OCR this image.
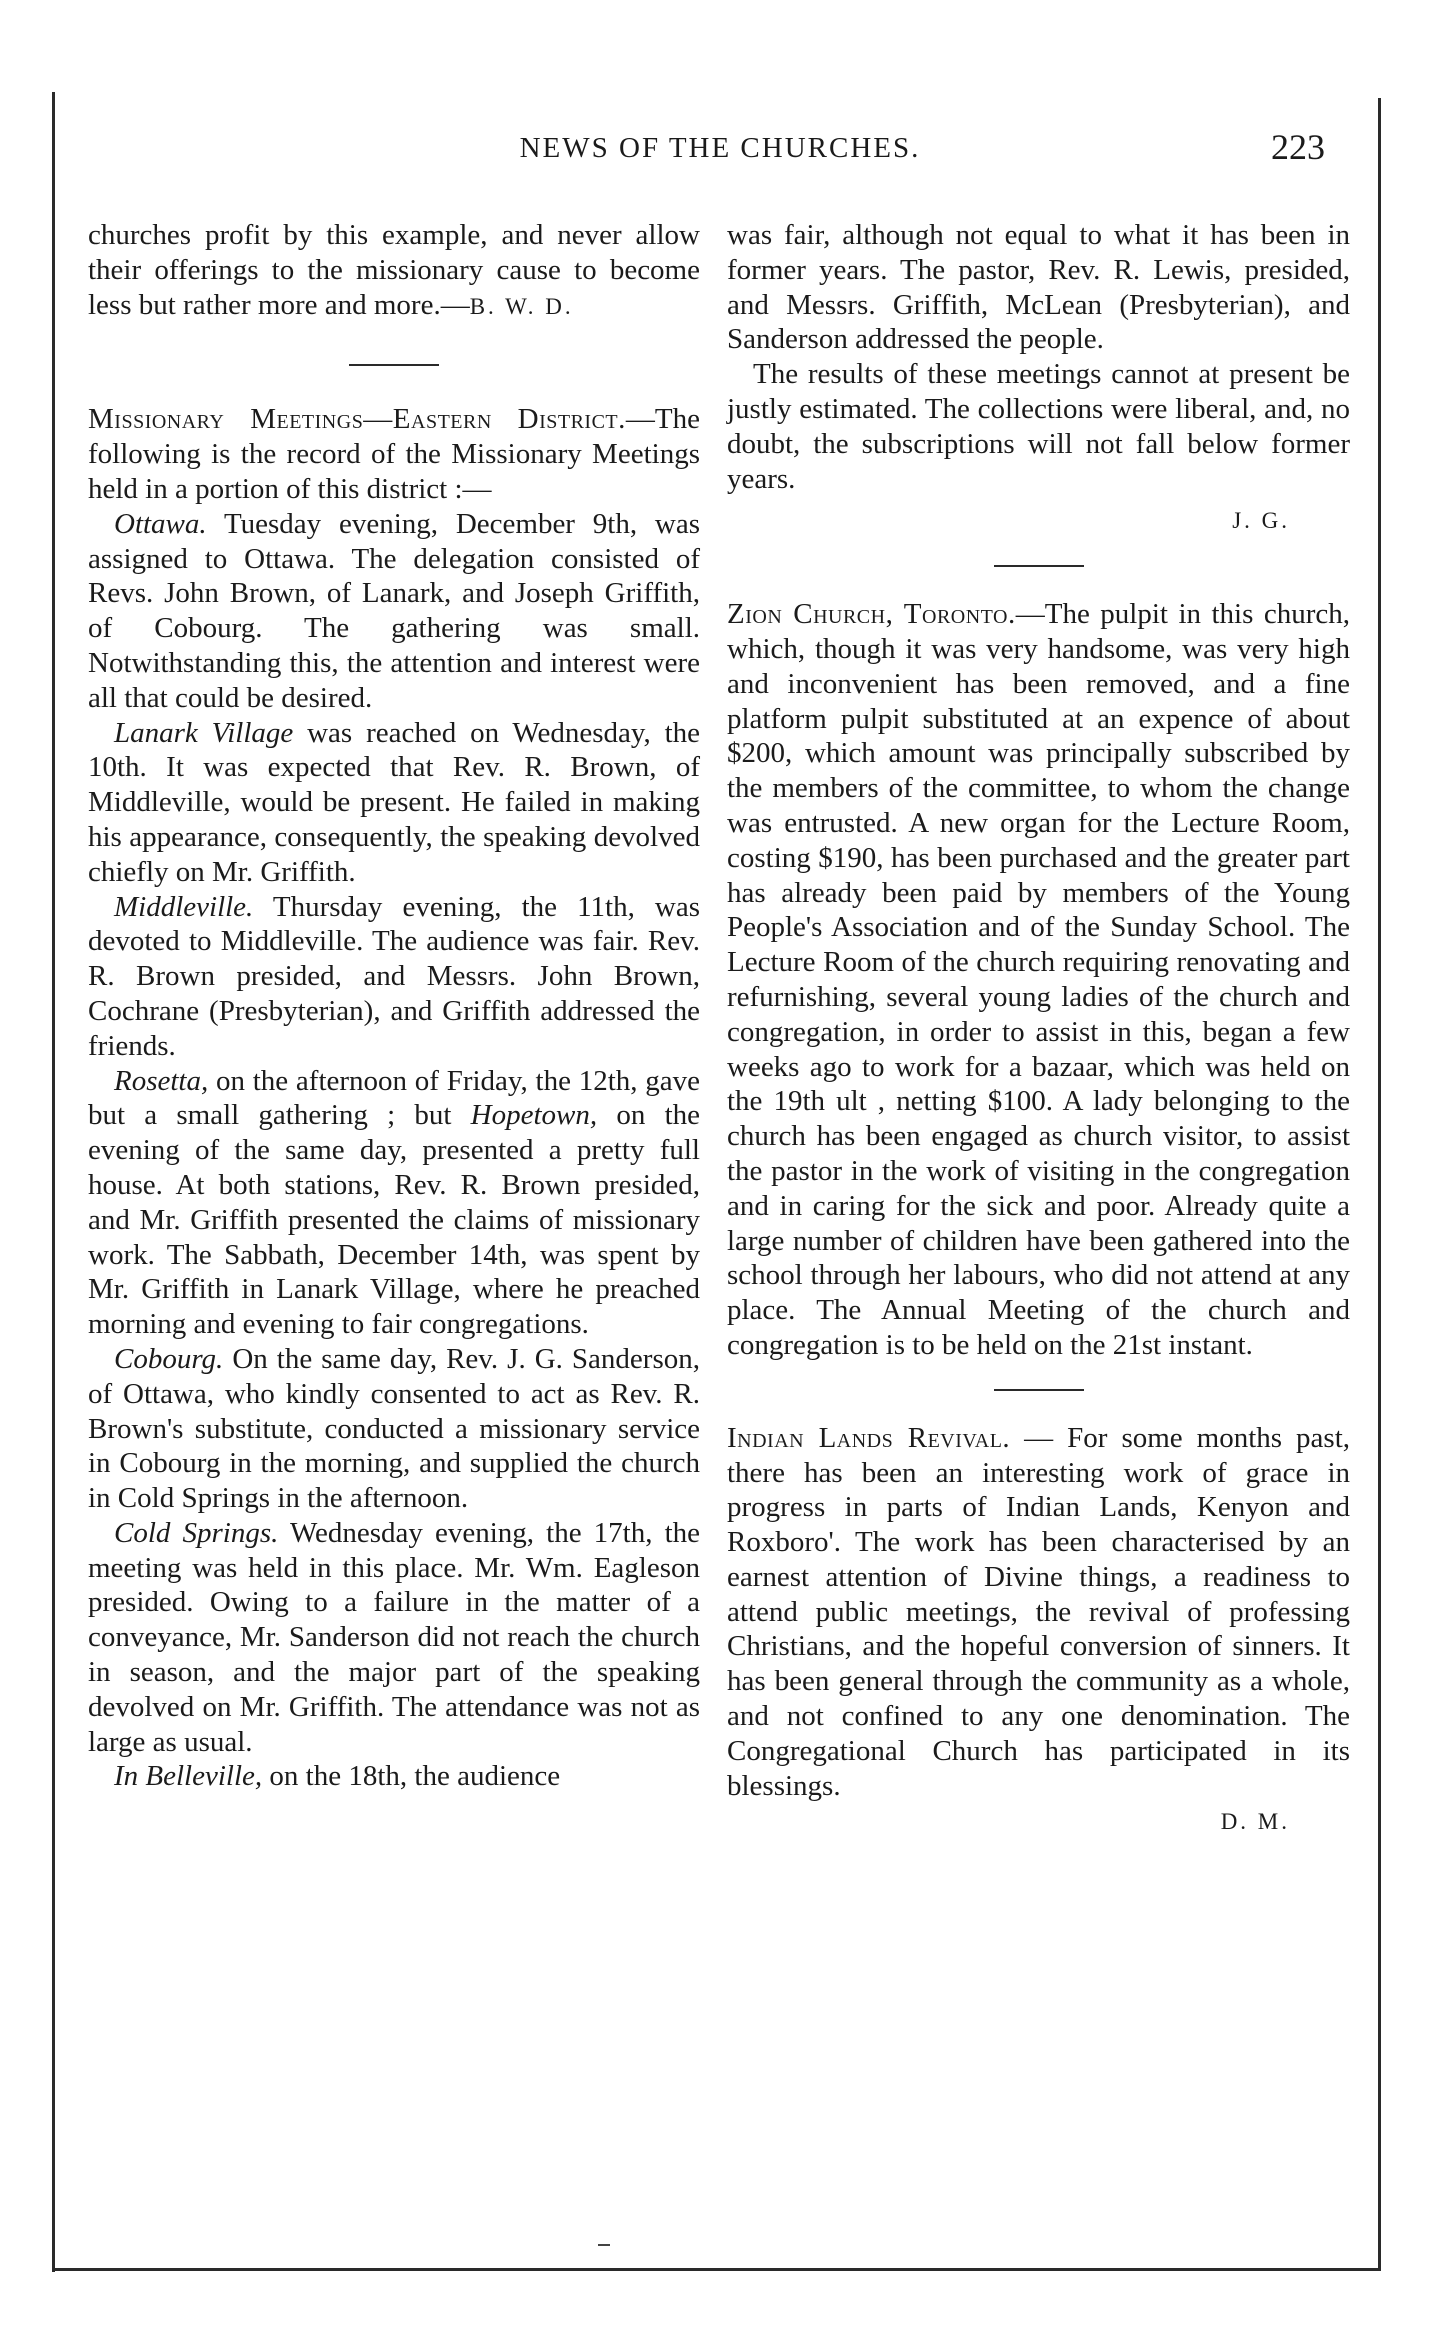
NEWS OF THE CHURCHES.	223

churches profit by this example, and never allow their offerings to the missionary cause to become less but rather more and more.—B. W. D.

Missionary Meetings—Eastern District.—The following is the record of the Missionary Meetings held in a portion of this district :—

Ottawa. Tuesday evening, December 9th, was assigned to Ottawa. The delegation consisted of Revs. John Brown, of Lanark, and Joseph Griffith, of Cobourg. The gathering was small. Notwithstanding this, the attention and interest were all that could be desired.

Lanark Village was reached on Wednesday, the 10th. It was expected that Rev. R. Brown, of Middleville, would be present. He failed in making his appearance, consequently, the speaking devolved chiefly on Mr. Griffith.

Middleville. Thursday evening, the 11th, was devoted to Middleville. The audience was fair. Rev. R. Brown presided, and Messrs. John Brown, Cochrane (Presbyterian), and Griffith addressed the friends.

Rosetta, on the afternoon of Friday, the 12th, gave but a small gathering ; but Hopetown, on the evening of the same day, presented a pretty full house. At both stations, Rev. R. Brown presided, and Mr. Griffith presented the claims of missionary work. The Sabbath, December 14th, was spent by Mr. Griffith in Lanark Village, where he preached morning and evening to fair congregations.

Cobourg. On the same day, Rev. J. G. Sanderson, of Ottawa, who kindly consented to act as Rev. R. Brown's substitute, conducted a missionary service in Cobourg in the morning, and supplied the church in Cold Springs in the afternoon.

Cold Springs. Wednesday evening, the 17th, the meeting was held in this place. Mr. Wm. Eagleson presided. Owing to a failure in the matter of a conveyance, Mr. Sanderson did not reach the church in season, and the major part of the speaking devolved on Mr. Griffith. The attendance was not as large as usual.

In Belleville, on the 18th, the audience

was fair, although not equal to what it has been in former years. The pastor, Rev. R. Lewis, presided, and Messrs. Griffith, McLean (Presbyterian), and Sanderson addressed the people.

The results of these meetings cannot at present be justly estimated. The collections were liberal, and, no doubt, the subscriptions will not fall below former years.

J. G.

Zion Church, Toronto.—The pulpit in this church, which, though it was very handsome, was very high and inconvenient has been removed, and a fine platform pulpit substituted at an expence of about $200, which amount was principally subscribed by the members of the committee, to whom the change was entrusted. A new organ for the Lecture Room, costing $190, has been purchased and the greater part has already been paid by members of the Young People's Association and of the Sunday School. The Lecture Room of the church requiring renovating and refurnishing, several young ladies of the church and congregation, in order to assist in this, began a few weeks ago to work for a bazaar, which was held on the 19th ult , netting $100. A lady belonging to the church has been engaged as church visitor, to assist the pastor in the work of visiting in the congregation and in caring for the sick and poor. Already quite a large number of children have been gathered into the school through her labours, who did not attend at any place. The Annual Meeting of the church and congregation is to be held on the 21st instant.

Indian Lands Revival. — For some months past, there has been an interesting work of grace in progress in parts of Indian Lands, Kenyon and Roxboro'. The work has been characterised by an earnest attention of Divine things, a readiness to attend public meetings, the revival of professing Christians, and the hopeful conversion of sinners. It has been general through the community as a whole, and not confined to any one denomination. The Congregational Church has participated in its blessings.

D. M.
